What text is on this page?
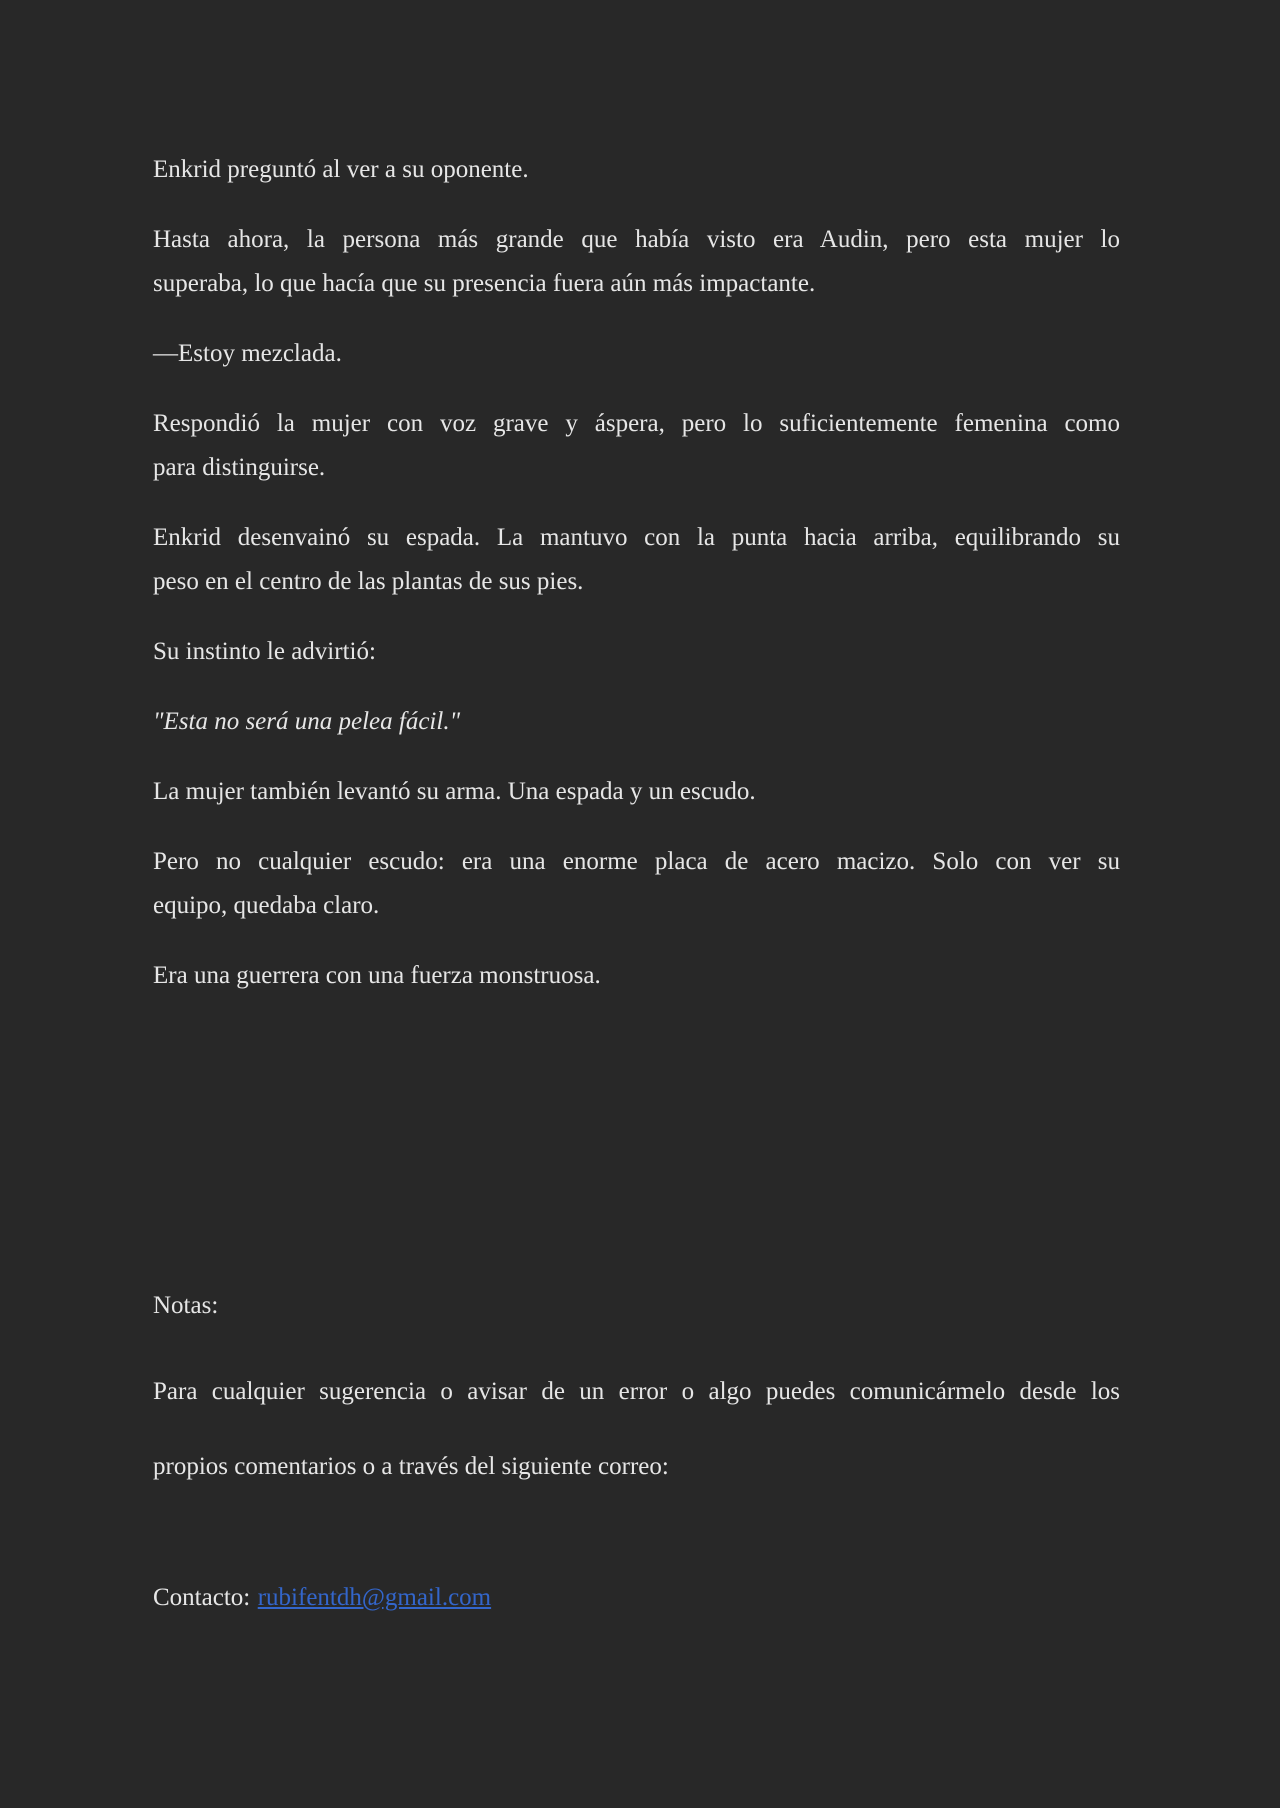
Enkrid preguntó al ver a su oponente.

Hasta ahora, la persona más grande que había visto era Audin, pero esta mujer lo
superaba, lo que hacía que su presencia fuera aún más impactante.

—Estoy mezclada.

Respondió la mujer con voz grave y áspera, pero lo suficientemente femenina como
para distinguirse.

Enkrid desenvainó su espada. La mantuvo con la punta hacia arriba, equilibrando su
peso en el centro de las plantas de sus pies.

Su instinto le advirtió:

"Esta no será una pelea fácil."

La mujer también levantó su arma. Una espada y un escudo.

Pero no cualquier escudo: era una enorme placa de acero macizo. Solo con ver su
equipo, quedaba claro.

Era una guerrera con una fuerza monstruosa.

Notas:

Para cualquier sugerencia o avisar de un error o algo puedes comunicármelo desde los
propios comentarios o a través del siguiente correo:

Contacto: rubifentdh@gmail.com
